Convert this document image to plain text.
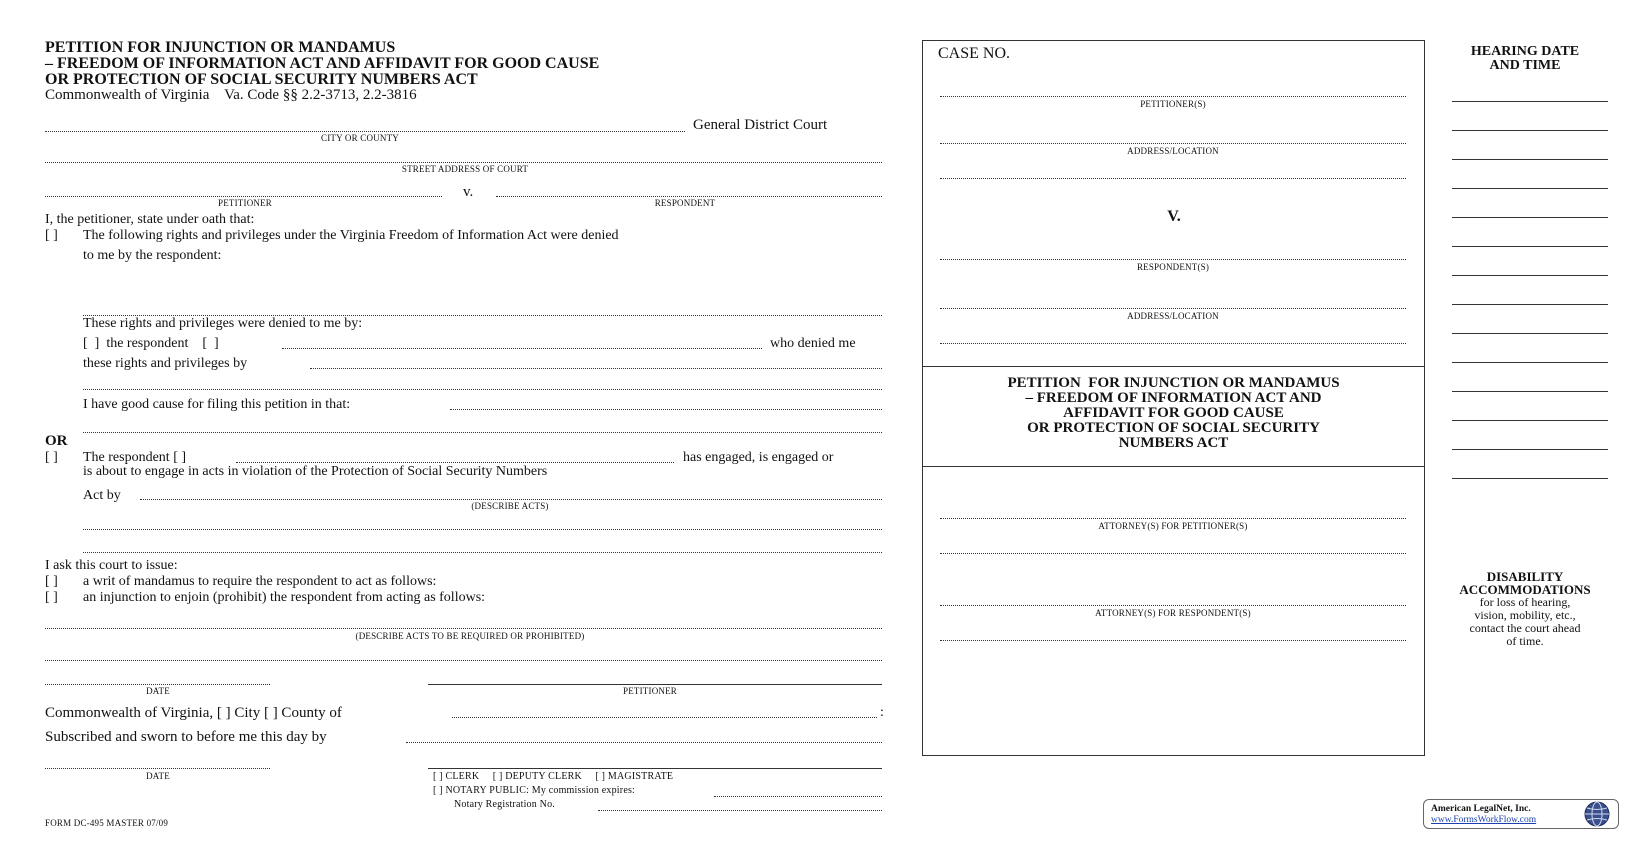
PETITION FOR INJUNCTION OR MANDAMUS
– FREEDOM OF INFORMATION ACT AND AFFIDAVIT FOR GOOD CAUSE
OR PROTECTION OF SOCIAL SECURITY NUMBERS ACT
Commonwealth of Virginia    Va. Code §§ 2.2-3713, 2.2-3816
General District Court
CITY OR COUNTY
STREET ADDRESS OF COURT
v.
PETITIONER	RESPONDENT
I, the petitioner, state under oath that:
[ ] The following rights and privileges under the Virginia Freedom of Information Act were denied
to me by the respondent:
These rights and privileges were denied to me by:
[  ]  the respondent    [  ]	who denied me
these rights and privileges by
I have good cause for filing this petition in that:
OR
[ ] The respondent [ ]	has engaged, is engaged or
is about to engage in acts in violation of the Protection of Social Security Numbers
Act by
(DESCRIBE ACTS)
I ask this court to issue:
[ ] a writ of mandamus to require the respondent to act as follows:
[ ] an injunction to enjoin (prohibit) the respondent from acting as follows:
(DESCRIBE ACTS TO BE REQUIRED OR PROHIBITED)
DATE	PETITIONER
Commonwealth of Virginia, [ ] City [ ] County of	:
Subscribed and sworn to before me this day by
DATE	[ ] CLERK     [ ] DEPUTY CLERK     [ ] MAGISTRATE
[ ] NOTARY PUBLIC: My commission expires:
Notary Registration No.
FORM DC-495 MASTER 07/09
CASE NO.
PETITIONER(S)
ADDRESS/LOCATION
V.
RESPONDENT(S)
ADDRESS/LOCATION
PETITION  FOR INJUNCTION OR MANDAMUS
– FREEDOM OF INFORMATION ACT AND
AFFIDAVIT FOR GOOD CAUSE
OR PROTECTION OF SOCIAL SECURITY
NUMBERS ACT
ATTORNEY(S) FOR PETITIONER(S)
ATTORNEY(S) FOR RESPONDENT(S)
HEARING DATE
AND TIME
DISABILITY
ACCOMMODATIONS
for loss of hearing,
vision, mobility, etc.,
contact the court ahead
of time.
American LegalNet, Inc.
www.FormsWorkFlow.com
